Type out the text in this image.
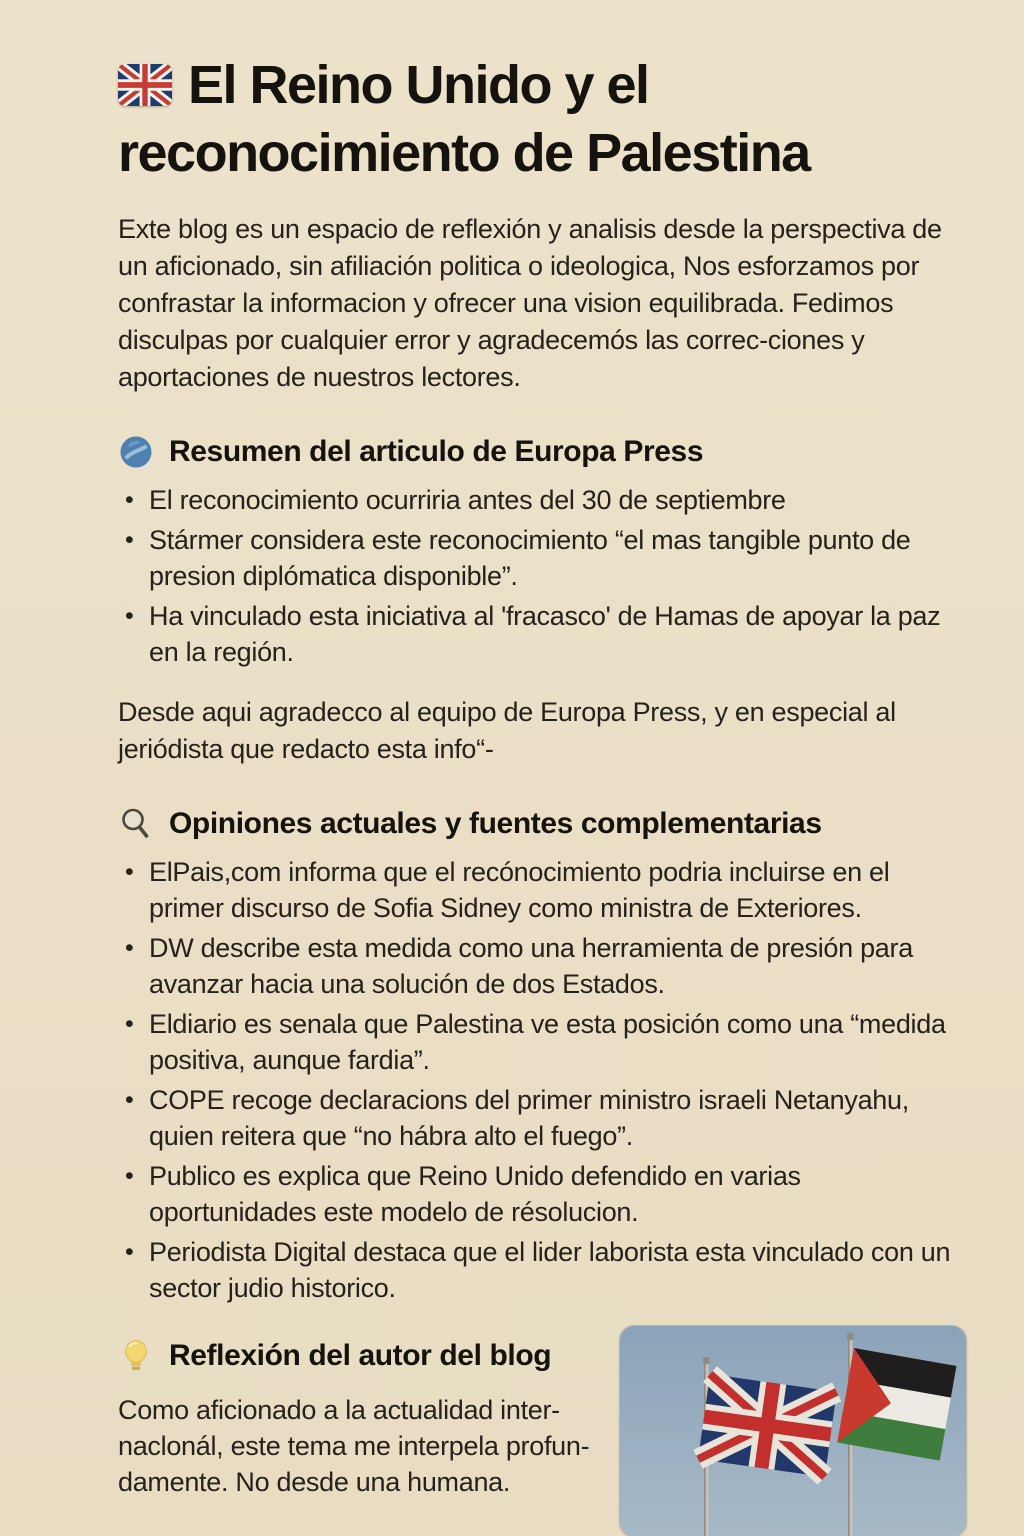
El Reino Unido y el reconocimiento de Palestina

Exte blog es un espacio de reflexión y analisis desde la perspectiva de un aficionado, sin afiliación politica o ideologica, Nos esforzamos por confrastar la informacion y ofrecer una vision equilibrada. Fedimos disculpas por cualquier error y agradecemós las correc-ciones y aportaciones de nuestros lectores.

Resumen del articulo de Europa Press
• El reconocimiento ocurriria antes del 30 de septiembre
• Stármer considera este reconocimiento “el mas tangible punto de presion diplómatica disponible”.
• Ha vinculado esta iniciativa al 'fracasco' de Hamas de apoyar la paz en la región.

Desde aqui agradecco al equipo de Europa Press, y en especial al jeriódista que redacto esta info“-

Opiniones actuales y fuentes complementarias
• ElPais,com informa que el recónocimiento podria incluirse en el primer discurso de Sofia Sidney como ministra de Exteriores.
• DW describe esta medida como una herramienta de presión para avanzar hacia una solución de dos Estados.
• Eldiario es senala que Palestina ve esta posición como una “medida positiva, aunque fardia”.
• COPE recoge declaracions del primer ministro israeli Netanyahu, quien reitera que “no hábra alto el fuego”.
• Publico es explica que Reino Unido defendido en varias oportunidades este modelo de résolucion.
• Periodista Digital destaca que el lider laborista esta vinculado con un sector judio historico.
Reflexión del autor del blog

Como aficionado a la actualidad inter-naclonál, este tema me interpela profun-damente. No desde una humana.
